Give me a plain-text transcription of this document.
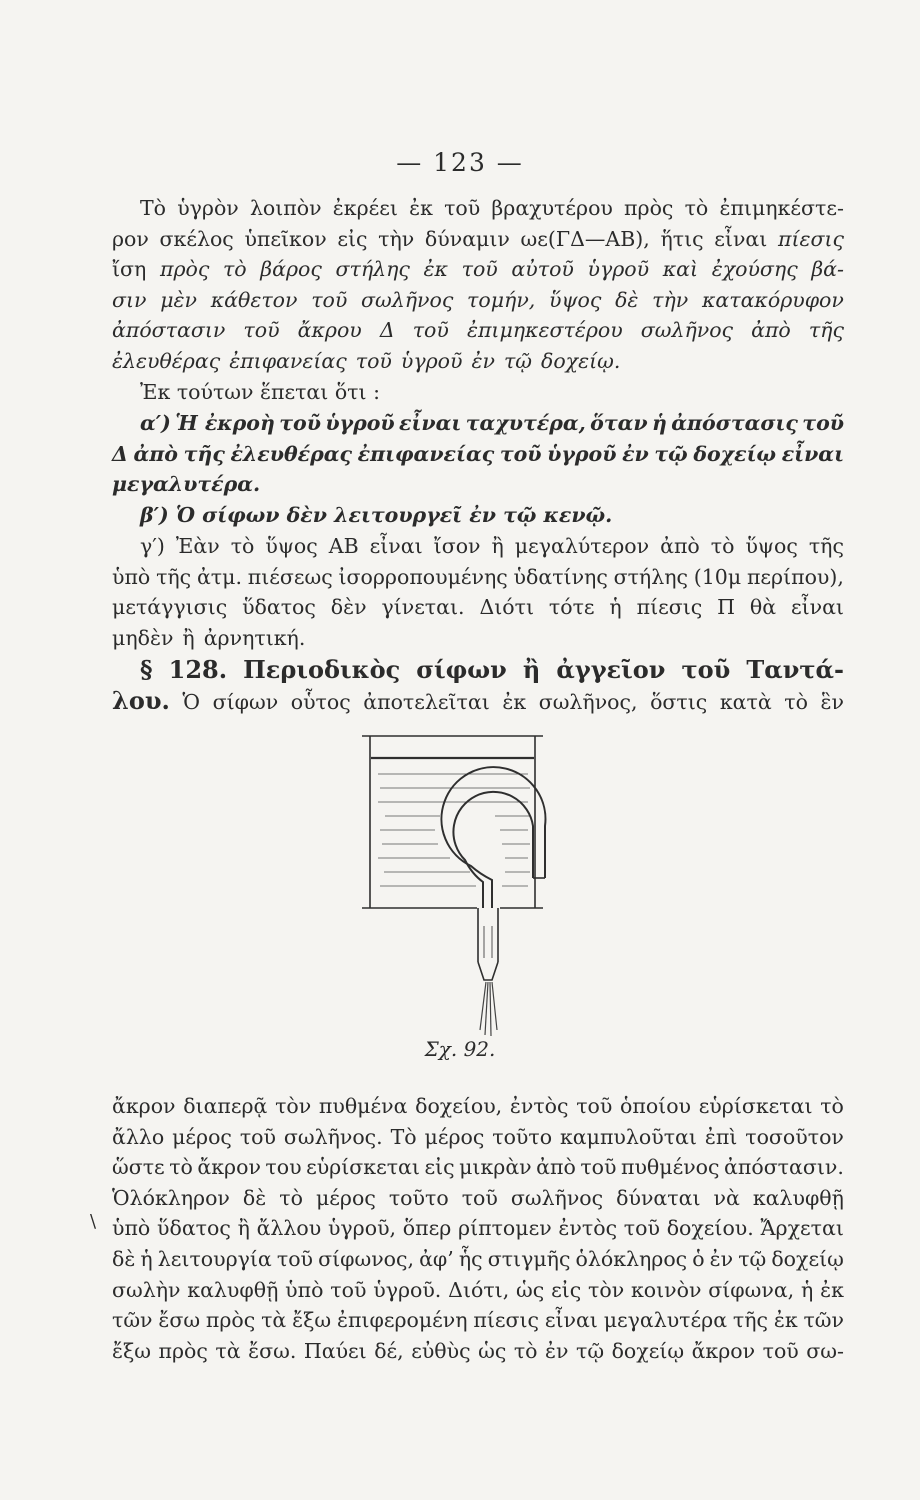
— 123 —
Τὸ ὑγρὸν λοιπὸν ἐκρέει ἐκ τοῦ βραχυτέρου πρὸς τὸ ἐπιμηκέστε-
ρον σκέλος ὑπεῖκον εἰς τὴν δύναμιν ωε(ΓΔ—ΑΒ), ἥτις εἶναι πίεσις
ἴση πρὸς τὸ βάρος στήλης ἐκ τοῦ αὐτοῦ ὑγροῦ καὶ ἐχούσης βά-
σιν μὲν κάθετον τοῦ σωλῆνος τομήν, ὕψος δὲ τὴν κατακόρυφον
ἀπόστασιν τοῦ ἄκρου Δ τοῦ ἐπιμηκεστέρου σωλῆνος ἀπὸ τῆς
ἐλευθέρας ἐπιφανείας τοῦ ὑγροῦ ἐν τῷ δοχείῳ.
Ἐκ τούτων ἕπεται ὅτι :
α′) Ἡ ἐκροὴ τοῦ ὑγροῦ εἶναι ταχυτέρα, ὅταν ἡ ἀπόστασις τοῦ
Δ ἀπὸ τῆς ἐλευθέρας ἐπιφανείας τοῦ ὑγροῦ ἐν τῷ δοχείῳ εἶναι
μεγαλυτέρα.
β′) Ὁ σίφων δὲν λειτουργεῖ ἐν τῷ κενῷ.
γ′) Ἐὰν τὸ ὕψος ΑΒ εἶναι ἴσον ἢ μεγαλύτερον ἀπὸ τὸ ὕψος τῆς
ὑπὸ τῆς ἀτμ. πιέσεως ἰσορροπουμένης ὑδατίνης στήλης (10μ περίπου),
μετάγγισις ὕδατος δὲν γίνεται. Διότι τότε ἡ πίεσις Π θὰ εἶναι
μηδὲν ἢ ἀρνητική.
§ 128. Περιοδικὸς σίφων ἢ ἀγγεῖον τοῦ Ταντά-
λου. Ὁ σίφων οὗτος ἀποτελεῖται ἐκ σωλῆνος, ὅστις κατὰ τὸ ἓν
Σχ. 92.
ἄκρον διαπερᾷ τὸν πυθμένα δοχείου, ἐντὸς τοῦ ὁποίου εὑρίσκεται τὸ
ἄλλο μέρος τοῦ σωλῆνος. Τὸ μέρος τοῦτο καμπυλοῦται ἐπὶ τοσοῦτον
ὥστε τὸ ἄκρον του εὑρίσκεται εἰς μικρὰν ἀπὸ τοῦ πυθμένος ἀπόστασιν.
Ὁλόκληρον δὲ τὸ μέρος τοῦτο τοῦ σωλῆνος δύναται νὰ καλυφθῇ
ὑπὸ ὕδατος ἢ ἄλλου ὑγροῦ, ὅπερ ρίπτομεν ἐντὸς τοῦ δοχείου. Ἄρχεται
δὲ ἡ λειτουργία τοῦ σίφωνος, ἀφ’ ἧς στιγμῆς ὁλόκληρος ὁ ἐν τῷ δοχείῳ
σωλὴν καλυφθῇ ὑπὸ τοῦ ὑγροῦ. Διότι, ὡς εἰς τὸν κοινὸν σίφωνα, ἡ ἐκ
τῶν ἔσω πρὸς τὰ ἔξω ἐπιφερομένη πίεσις εἶναι μεγαλυτέρα τῆς ἐκ τῶν
ἔξω πρὸς τὰ ἔσω. Παύει δέ, εὐθὺς ὡς τὸ ἐν τῷ δοχείῳ ἄκρον τοῦ σω-
\
